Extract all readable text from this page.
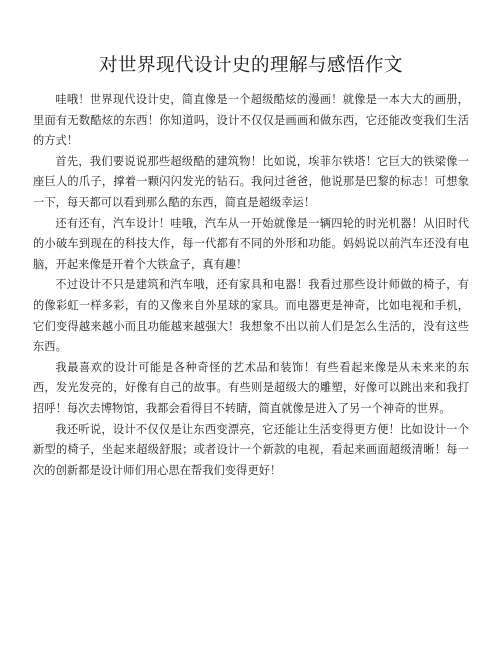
对世界现代设计史的理解与感悟作文

哇哦！世界现代设计史，简直像是一个超级酷炫的漫画！就像是一本大大的画册，里面有无数酷炫的东西！你知道吗，设计不仅仅是画画和做东西，它还能改变我们生活的方式！

首先，我们要说说那些超级酷的建筑物！比如说，埃菲尔铁塔！它巨大的铁梁像一座巨人的爪子，撑着一颗闪闪发光的钻石。我问过爸爸，他说那是巴黎的标志！可想象一下，每天都可以看到那么酷的东西，简直是超级幸运！

还有还有，汽车设计！哇哦，汽车从一开始就像是一辆四轮的时光机器！从旧时代的小破车到现在的科技大作，每一代都有不同的外形和功能。妈妈说以前汽车还没有电脑，开起来像是开着个大铁盒子，真有趣！

不过设计不只是建筑和汽车哦，还有家具和电器！我看过那些设计师做的椅子，有的像彩虹一样多彩，有的又像来自外星球的家具。而电器更是神奇，比如电视和手机，它们变得越来越小而且功能越来越强大！我想象不出以前人们是怎么生活的，没有这些东西。

我最喜欢的设计可能是各种奇怪的艺术品和装饰！有些看起来像是从未来来的东西，发光发亮的，好像有自己的故事。有些则是超级大的雕塑，好像可以跳出来和我打招呼！每次去博物馆，我都会看得目不转睛，简直就像是进入了另一个神奇的世界。

我还听说，设计不仅仅是让东西变漂亮，它还能让生活变得更方便！比如设计一个新型的椅子，坐起来超级舒服；或者设计一个新款的电视，看起来画面超级清晰！每一次的创新都是设计师们用心思在帮我们变得更好！
